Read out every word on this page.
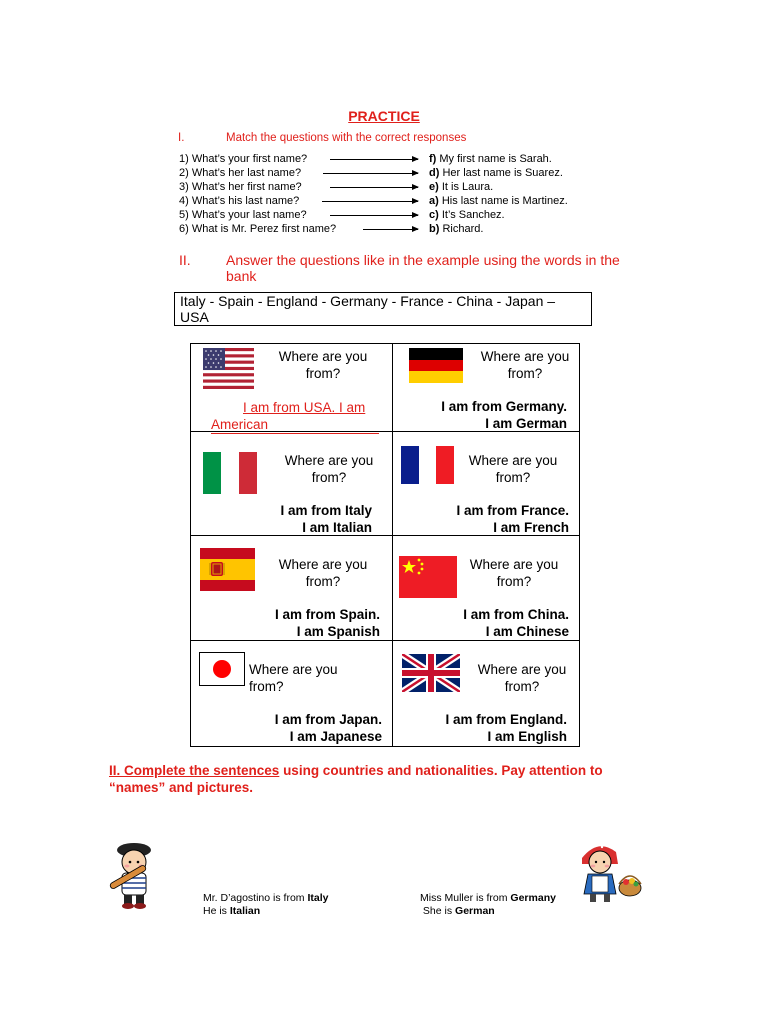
PRACTICE
I.	Match the questions with the correct responses
1) What’s your first name?
2) What’s her last name?
3) What’s her first name?
4) What’s his last name?
5) What’s your last name?
6) What is Mr. Perez first name?
f) My first name is Sarah.
d) Her last name is Suarez.
e) It is Laura.
a) His last name is Martinez.
c) It’s Sanchez.
b) Richard.
II.	Answer the questions like in the example using the words in the bank
Italy - Spain - England - Germany - France - China - Japan – USA
Where are you from?
I am from USA. I am
American
Where are you from?
I am from Germany.
I am German
Where are you from?
I am from Italy
I am Italian
Where are you from?
I am from France.
I am French
Where are you from?
I am from Spain.
I am Spanish
Where are you from?
I am from China.
I am Chinese
Where are you from?
I am from Japan.
I am Japanese
Where are you from?
I am from England.
I am English
II. Complete the sentences using countries and nationalities. Pay attention to “names” and pictures.
Mr. D’agostino is from Italy
He is Italian
Miss Muller is from Germany
She is German
